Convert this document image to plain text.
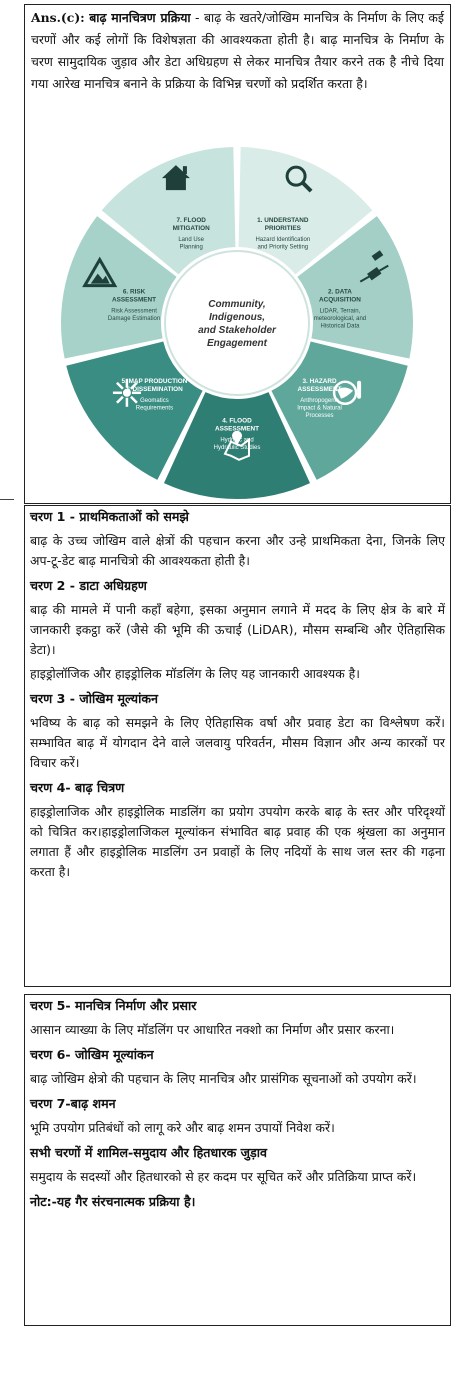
Ans.(c): बाढ़ मानचित्रण प्रक्रिया - बाढ़ के खतरे/जोखिम मानचित्र के निर्माण के लिए कई चरणों और कई लोगों कि विशेषज्ञता की आवश्यकता होती है। बाढ़ मानचित्र के निर्माण के चरण सामुदायिक जुड़ाव और डेटा अधिग्रहण से लेकर मानचित्र तैयार करने तक है नीचे दिया गया आरेख मानचित्र बनाने के प्रक्रिया के विभिन्न चरणों को प्रदर्शित करता है।

1. UNDERSTAND
PRIORITIES
Hazard Identification
and Priority Setting
2. DATA
ACQUISITION
LiDAR, Terrain,
meteorological, and
Historical Data
3. HAZARD
ASSESSMENT
Anthropogenic
Impact & Natural
Processes
4. FLOOD
ASSESSMENT
Hydrolic and
Hydraulic Studies
5. MAP PRODUCTION
& DISSEMINATION
Geomatics
Requirements
6. RISK
ASSESSMENT
Risk Assessment
Damage Estimation
7. FLOOD
MITIGATION
Land Use
Planning
Community,
Indigenous,
and Stakeholder
Engagement
चरण 1 - प्राथमिकताओं को समझे
बाढ़ के उच्च जोखिम वाले क्षेत्रों की पहचान करना और उन्हे प्राथमिकता देना, जिनके लिए अप-टू-डेट बाढ़ मानचित्रो की आवश्यकता होती है।
चरण 2 - डाटा अधिग्रहण
बाढ़ की मामले में पानी कहाँ बहेगा, इसका अनुमान लगाने में मदद के लिए क्षेत्र के बारे में जानकारी इकट्ठा करें (जैसे की भूमि की ऊचाई (LiDAR), मौसम सम्बन्धि और ऐतिहासिक डेटा)।
हाइड्रोलॉजिक और हाइड्रोलिक मॉडलिंग के लिए यह जानकारी आवश्यक है।
चरण 3 - जोखिम मूल्यांकन
भविष्य के बाढ़ को समझने के लिए ऐतिहासिक वर्षा और प्रवाह डेटा का विश्लेषण करें। सम्भावित बाढ़ में योगदान देने वाले जलवायु परिवर्तन, मौसम विज्ञान और अन्य कारकों पर विचार करें।
चरण 4- बाढ़ चित्रण
हाइड्रोलाजिक और हाइड्रोलिक माडलिंग का प्रयोग उपयोग करके बाढ़ के स्तर और परिदृश्यों को चित्रित कर।हाइड्रोलाजिकल मूल्यांकन संभावित बाढ़ प्रवाह की एक श्रृंखला का अनुमान लगाता हैं और हाइड्रोलिक माडलिंग उन प्रवाहों के लिए नदियों के साथ जल स्तर की गढ़ना करता है।
चरण 5- मानचित्र निर्माण और प्रसार
आसान व्याख्या के लिए मॉडलिंग पर आधारित नक्शो का निर्माण और प्रसार करना।
चरण 6- जोखिम मूल्यांकन
बाढ़ जोखिम क्षेत्रो की पहचान के लिए मानचित्र और प्रासंगिक सूचनाओं को उपयोग करें।
चरण 7-बाढ़ शमन
भूमि उपयोग प्रतिबंधों को लागू करे और बाढ़ शमन उपायों निवेश करें।
सभी चरणों में शामिल-समुदाय और हितधारक जुड़ाव
समुदाय के सदस्यों और हितधारको से हर कदम पर सूचित करें और प्रतिक्रिया प्राप्त करें।
नोट:-यह गैर संरचनात्मक प्रक्रिया है।
